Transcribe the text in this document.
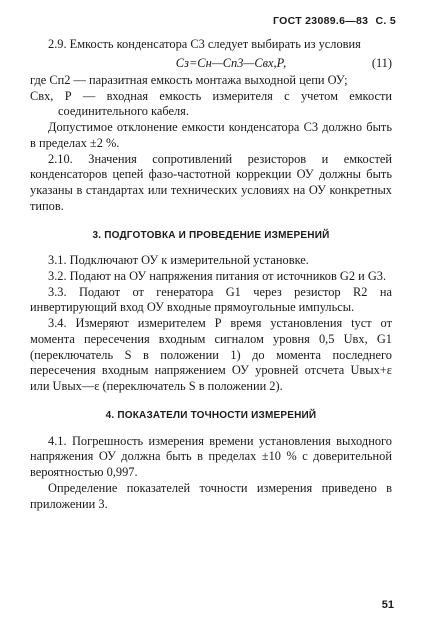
ГОСТ 23089.6—83 С. 5

2.9. Емкость конденсатора С3 следует выбирать из условия

Сз=Сн—Сп3—Свх,Р,	(11)

где Сп2 — паразитная емкость монтажа выходной цепи ОУ;

Свх, Р — входная емкость измерителя с учетом емкости соединительного кабеля.

Допустимое отклонение емкости конденсатора С3 должно быть в пределах ±2 %.

2.10. Значения сопротивлений резисторов и емкостей конденсаторов цепей фазо-частотной коррекции ОУ должны быть указаны в стандартах или технических условиях на ОУ конкретных типов.

3. ПОДГОТОВКА И ПРОВЕДЕНИЕ ИЗМЕРЕНИЙ

3.1. Подключают ОУ к измерительной установке.

3.2. Подают на ОУ напряжения питания от источников G2 и G3.

3.3. Подают от генератора G1 через резистор R2 на инвертирующий вход ОУ входные прямоугольные импульсы.

3.4. Измеряют измерителем Р время установления tуст от момента пересечения входным сигналом уровня 0,5 Uвх, G1 (переключатель S в положении 1) до момента последнего пересечения входным напряжением ОУ уровней отсчета Uвых+ε или Uвых—ε (переключатель S в положении 2).

4. ПОКАЗАТЕЛИ ТОЧНОСТИ ИЗМЕРЕНИЙ

4.1. Погрешность измерения времени установления выходного напряжения ОУ должна быть в пределах ±10 % с доверительной вероятностью 0,997.

Определение показателей точности измерения приведено в приложении 3.

51
